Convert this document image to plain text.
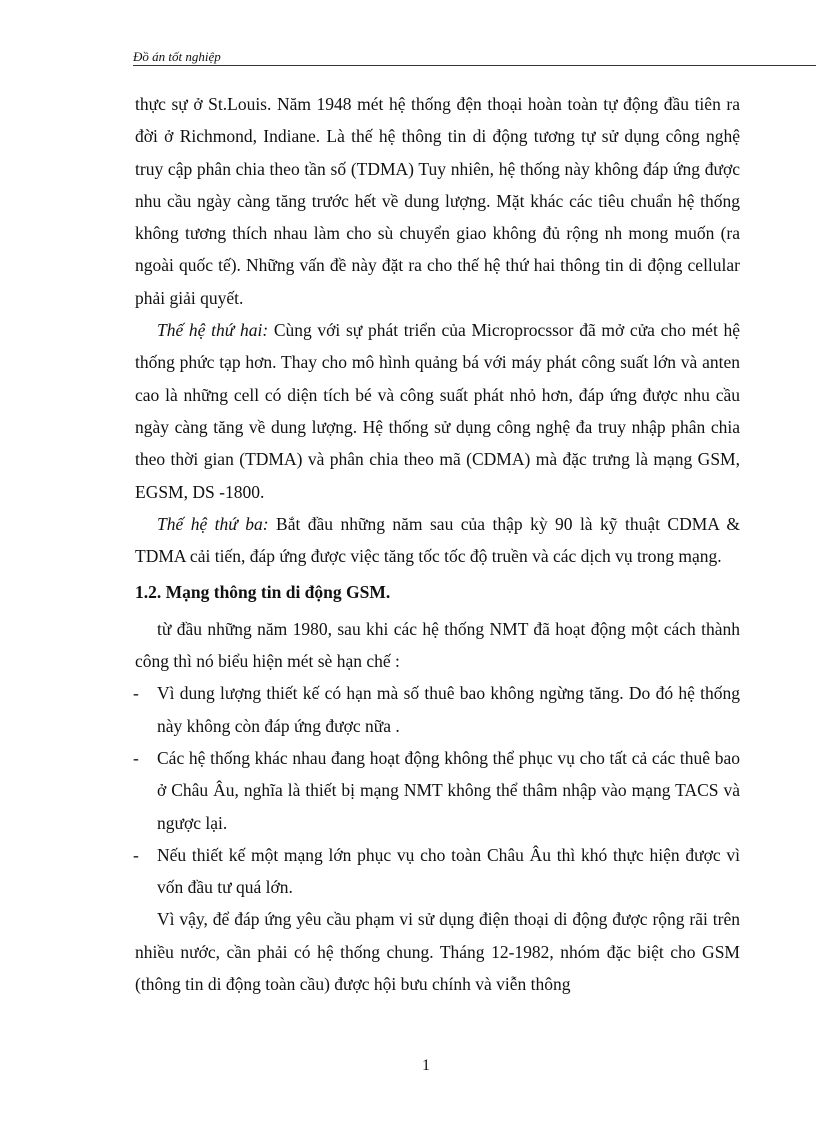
Đồ án tốt nghiệp

thực sự ở St.Louis. Năm 1948 mét hệ thống đện thoại hoàn toàn tự động đầu tiên ra đời ở Richmond, Indiane. Là thế hệ thông tin di động tương tự sử dụng công nghệ truy cập phân chia theo tần số (TDMA) Tuy nhiên, hệ thống này không đáp ứng được nhu cầu ngày càng tăng trước hết về dung lượng. Mặt khác các tiêu chuẩn hệ thống không tương thích nhau làm cho sù chuyển giao không đủ rộng nh mong muốn (ra ngoài quốc tế). Những vấn đề này đặt ra cho thế hệ thứ hai thông tin di động cellular phải giải quyết.

Thế hệ thứ hai: Cùng với sự phát triển của Microprocssor đã mở cửa cho mét hệ thống phức tạp hơn. Thay cho mô hình quảng bá với máy phát công suất lớn và anten cao là những cell có diện tích bé và công suất phát nhỏ hơn, đáp ứng được nhu cầu ngày càng tăng về dung lượng. Hệ thống sử dụng công nghệ đa truy nhập phân chia theo thời gian (TDMA) và phân chia theo mã (CDMA) mà đặc trưng là mạng GSM, EGSM, DS -1800.

Thế hệ thứ ba: Bắt đầu những năm sau của thập kỳ 90 là kỹ thuật CDMA & TDMA cải tiến, đáp ứng được việc tăng tốc tốc độ truền và các dịch vụ trong mạng.

1.2. Mạng thông tin di động GSM.

từ đầu những năm 1980, sau khi các hệ thống NMT đã hoạt động một cách thành công thì nó biểu hiện mét sè hạn chế :

- Vì dung lượng thiết kế có hạn mà số thuê bao không ngừng tăng. Do đó hệ thống này không còn đáp ứng được nữa .

- Các hệ thống khác nhau đang hoạt động không thể phục vụ cho tất cả các thuê bao ở Châu Âu, nghĩa là thiết bị mạng NMT không thể thâm nhập vào mạng TACS và ngược lại.

- Nếu thiết kế một mạng lớn phục vụ cho toàn Châu Âu thì khó thực hiện được vì vốn đầu tư quá lớn.

Vì vậy, để đáp ứng yêu cầu phạm vi sử dụng điện thoại di động được rộng rãi trên nhiều nước, cần phải có hệ thống chung. Tháng 12-1982, nhóm đặc biệt cho GSM (thông tin di động toàn cầu) được hội bưu chính và viễn thông

1
